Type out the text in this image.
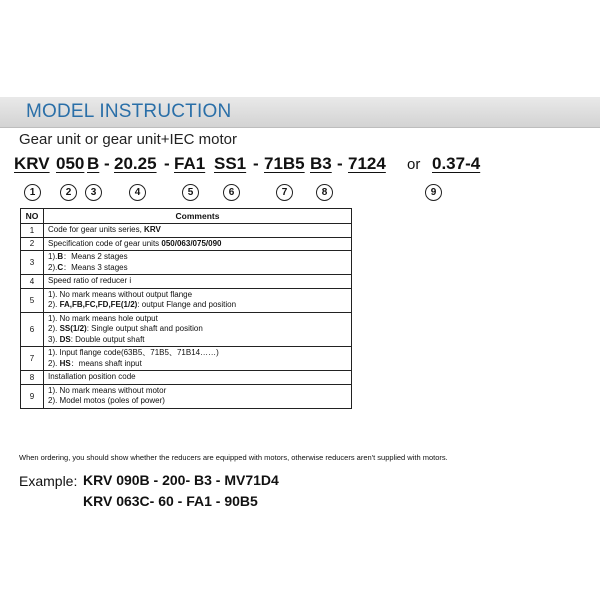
MODEL INSTRUCTION
Gear unit or gear unit+IEC motor
KRV 050 B - 20.25 - FA1 SS1 - 71B5 B3 - 7124 or 0.37-4
1	2	3	4	5	6	7	8	9
NO	Comments
1	Code for gear units series, KRV

2	Specification code of gear units 050/063/075/090

3	1).B：Means 2 stages
2).C：Means 3 stages

4	Speed ratio of reducer i

5	1). No mark means without output flange
2). FA,FB,FC,FD,FE(1/2): output Flange and position

6	1). No mark means hole output
2). SS(1/2): Single output shaft and position
3). DS: Double output shaft

7	1). Input flange code(63B5、71B5、71B14……)
2). HS：means shaft input

8	Installation position code

9	1). No mark means without motor
2). Model motos (poles of power)
When ordering, you should show whether the reducers are equipped with motors, otherwise reducers aren't supplied with motors.
Example: KRV 090B - 200- B3 - MV71D4
KRV 063C- 60 - FA1 - 90B5
